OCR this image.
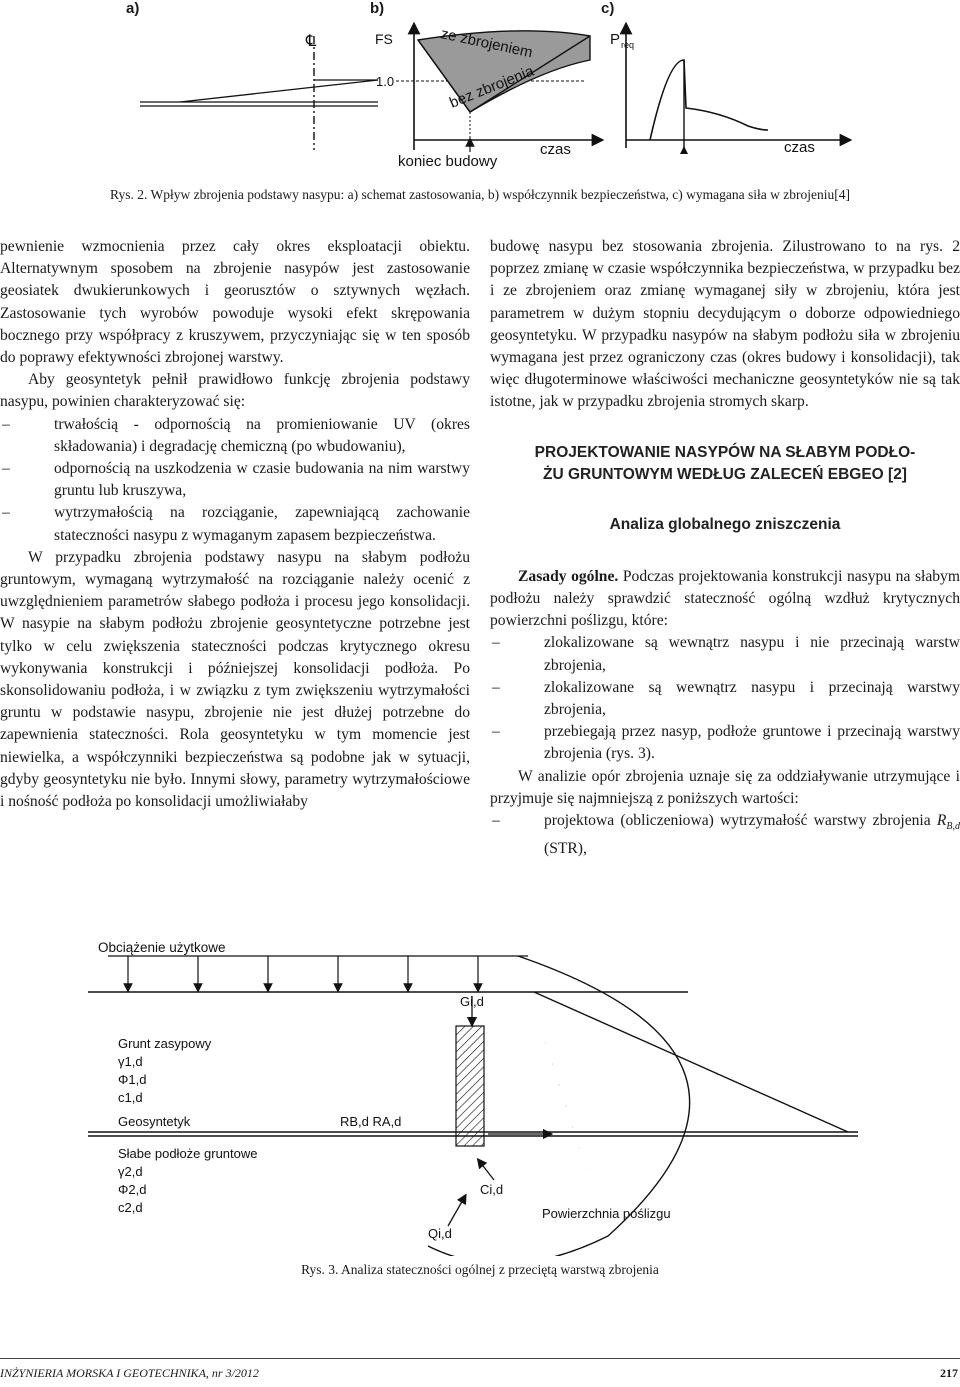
a)	b)	c)
℄	FS
1.0
ze zbrojeniem
bez zbrojenia
czas
koniec budowy
P req
czas
Rys. 2. Wpływ zbrojenia podstawy nasypu: a) schemat zastosowania, b) współczynnik bezpieczeństwa, c) wymagana siła w zbrojeniu[4]

pewnienie wzmocnienia przez cały okres eksploatacji obiektu. Alternatywnym sposobem na zbrojenie nasypów jest zastosowanie geosiatek dwukierunkowych i georusztów o sztywnych węzłach. Zastosowanie tych wyrobów powoduje wysoki efekt skrępowania bocznego przy współpracy z kruszywem, przyczyniając się w ten sposób do poprawy efektywności zbrojonej warstwy.

Aby geosyntetyk pełnił prawidłowo funkcję zbrojenia podstawy nasypu, powinien charakteryzować się:

–	trwałością - odpornością na promieniowanie UV (okres składowania) i degradację chemiczną (po wbudowaniu),
–	odpornością na uszkodzenia w czasie budowania na nim warstwy gruntu lub kruszywa,
–	wytrzymałością na rozciąganie, zapewniającą zachowanie stateczności nasypu z wymaganym zapasem bezpieczeństwa.

W przypadku zbrojenia podstawy nasypu na słabym podłożu gruntowym, wymaganą wytrzymałość na rozciąganie należy ocenić z uwzględnieniem parametrów słabego podłoża i procesu jego konsolidacji. W nasypie na słabym podłożu zbrojenie geosyntetyczne potrzebne jest tylko w celu zwiększenia stateczności podczas krytycznego okresu wykonywania konstrukcji i późniejszej konsolidacji podłoża. Po skonsolidowaniu podłoża, i w związku z tym zwiększeniu wytrzymałości gruntu w podstawie nasypu, zbrojenie nie jest dłużej potrzebne do zapewnienia stateczności. Rola geosyntetyku w tym momencie jest niewielka, a współczynniki bezpieczeństwa są podobne jak w sytuacji, gdyby geosyntetyku nie było. Innymi słowy, parametry wytrzymałościowe i nośność podłoża po konsolidacji umożliwiałaby

budowę nasypu bez stosowania zbrojenia. Zilustrowano to na rys. 2 poprzez zmianę w czasie współczynnika bezpieczeństwa, w przypadku bez i ze zbrojeniem oraz zmianę wymaganej siły w zbrojeniu, która jest parametrem w dużym stopniu decydującym o doborze odpowiedniego geosyntetyku. W przypadku nasypów na słabym podłożu siła w zbrojeniu wymagana jest przez ograniczony czas (okres budowy i konsolidacji), tak więc długoterminowe właściwości mechaniczne geosyntetyków nie są tak istotne, jak w przypadku zbrojenia stromych skarp.

PROJEKTOWANIE NASYPÓW NA SŁABYM PODŁO-
ŻU GRUNTOWYM WEDŁUG ZALECEŃ EBGEO [2]
Analiza globalnego zniszczenia

Zasady ogólne. Podczas projektowania konstrukcji nasypu na słabym podłożu należy sprawdzić stateczność ogólną wzdłuż krytycznych powierzchni poślizgu, które:

–	zlokalizowane są wewnątrz nasypu i nie przecinają warstw zbrojenia,
–	zlokalizowane są wewnątrz nasypu i przecinają warstwy zbrojenia,
–	przebiegają przez nasyp, podłoże gruntowe i przecinają warstwy zbrojenia (rys. 3).

W analizie opór zbrojenia uznaje się za oddziaływanie utrzymujące i przyjmuje się najmniejszą z poniższych wartości:

–	projektowa (obliczeniowa) wytrzymałość warstwy zbrojenia $R_{B,d}$ (STR),
Obciążenie użytkowe
Grunt zasypowy
γ1,d
Φ1,d
c1,d
Geosyntetyk
Słabe podłoże gruntowe
γ2,d
Φ2,d
c2,d
Gi,d
RB,d RA,d
Ci,d
Qi,d
Powierzchnia poślizgu
Rys. 3. Analiza stateczności ogólnej z przeciętą warstwą zbrojenia
INŻYNIERIA MORSKA I GEOTECHNIKA, nr 3/2012	217
